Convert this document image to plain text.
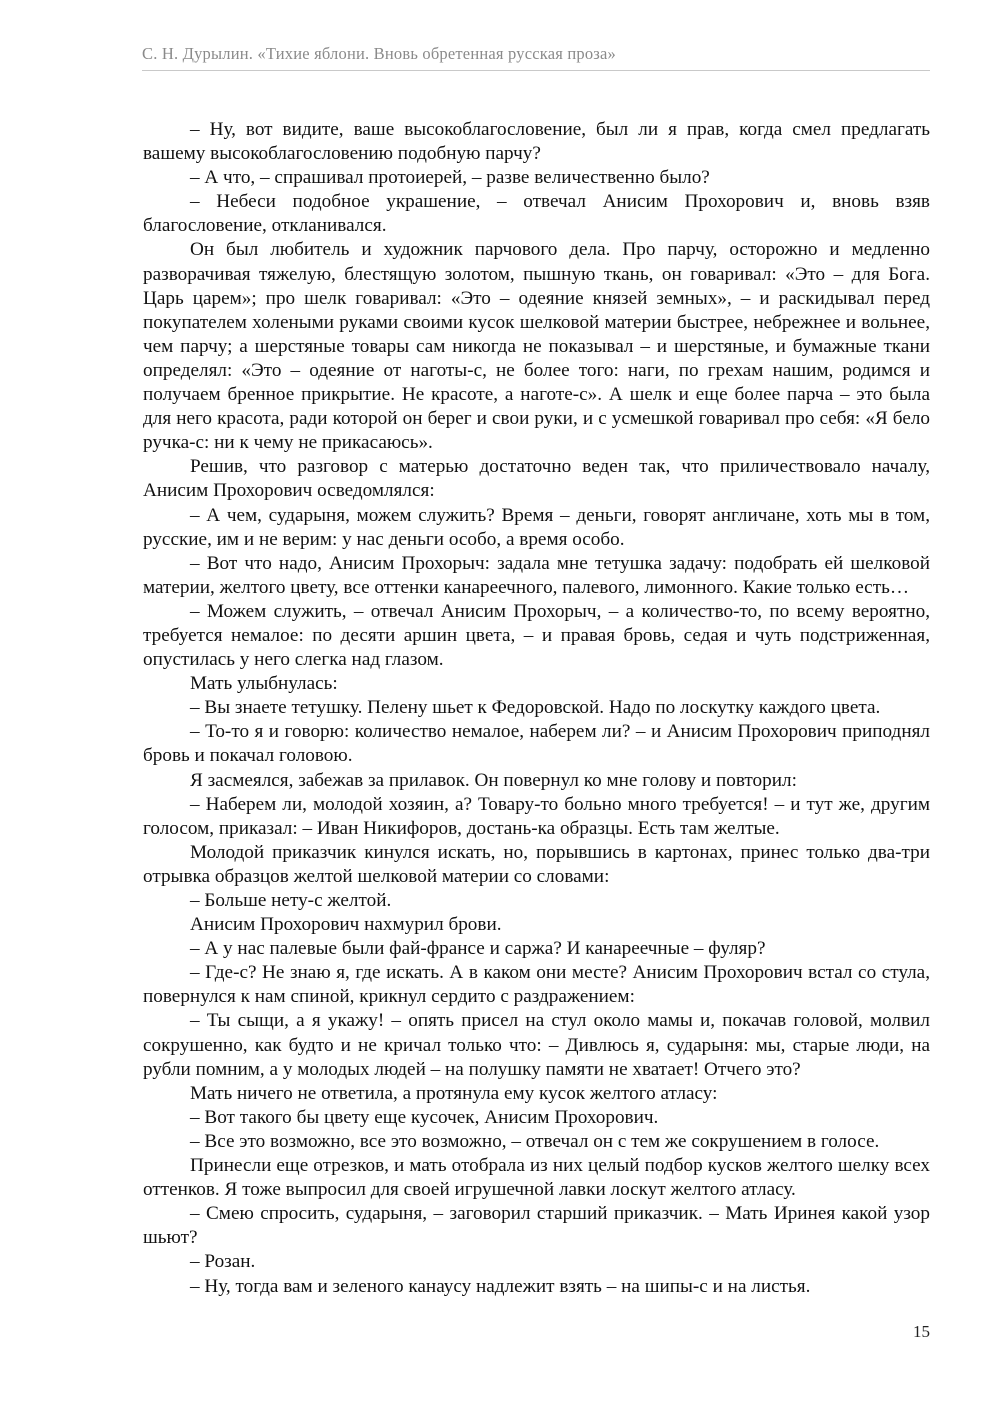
С. Н. Дурылин. «Тихие яблони. Вновь обретенная русская проза»

– Ну, вот видите, ваше высокоблагословение, был ли я прав, когда смел предлагать вашему высокоблагословению подобную парчу?

– А что, – спрашивал протоиерей, – разве величественно было?

– Небеси подобное украшение, – отвечал Анисим Прохорович и, вновь взяв благословение, откланивался.

Он был любитель и художник парчового дела. Про парчу, осторожно и медленно разворачивая тяжелую, блестящую золотом, пышную ткань, он говаривал: «Это – для Бога. Царь царем»; про шелк говаривал: «Это – одеяние князей земных», – и раскидывал перед покупателем холеными руками своими кусок шелковой материи быстрее, небрежнее и вольнее, чем парчу; а шерстяные товары сам никогда не показывал – и шерстяные, и бумажные ткани определял: «Это – одеяние от наготы-с, не более того: наги, по грехам нашим, родимся и получаем бренное прикрытие. Не красоте, а наготе-с». А шелк и еще более парча – это была для него красота, ради которой он берег и свои руки, и с усмешкой говаривал про себя: «Я бело ручка-с: ни к чему не прикасаюсь».

Решив, что разговор с матерью достаточно веден так, что приличествовало началу, Анисим Прохорович осведомлялся:

– А чем, сударыня, можем служить? Время – деньги, говорят англичане, хоть мы в том, русские, им и не верим: у нас деньги особо, а время особо.

– Вот что надо, Анисим Прохорыч: задала мне тетушка задачу: подобрать ей шелковой материи, желтого цвету, все оттенки канареечного, палевого, лимонного. Какие только есть…

– Можем служить, – отвечал Анисим Прохорыч, – а количество-то, по всему вероятно, требуется немалое: по десяти аршин цвета, – и правая бровь, седая и чуть подстриженная, опустилась у него слегка над глазом.

Мать улыбнулась:

– Вы знаете тетушку. Пелену шьет к Федоровской. Надо по лоскутку каждого цвета.

– То-то я и говорю: количество немалое, наберем ли? – и Анисим Прохорович приподнял бровь и покачал головою.

Я засмеялся, забежав за прилавок. Он повернул ко мне голову и повторил:

– Наберем ли, молодой хозяин, а? Товару-то больно много требуется! – и тут же, другим голосом, приказал: – Иван Никифоров, достань-ка образцы. Есть там желтые.

Молодой приказчик кинулся искать, но, порывшись в картонах, принес только два-три отрывка образцов желтой шелковой материи со словами:

– Больше нету-с желтой.

Анисим Прохорович нахмурил брови.

– А у нас палевые были фай-франсе и саржа? И канареечные – фуляр?

– Где-с? Не знаю я, где искать. А в каком они месте? Анисим Прохорович встал со стула, повернулся к нам спиной, крикнул сердито с раздражением:

– Ты сыщи, а я укажу! – опять присел на стул около мамы и, покачав головой, молвил сокрушенно, как будто и не кричал только что: – Дивлюсь я, сударыня: мы, старые люди, на рубли помним, а у молодых людей – на полушку памяти не хватает! Отчего это?

Мать ничего не ответила, а протянула ему кусок желтого атласу:

– Вот такого бы цвету еще кусочек, Анисим Прохорович.

– Все это возможно, все это возможно, – отвечал он с тем же сокрушением в голосе.

Принесли еще отрезков, и мать отобрала из них целый подбор кусков желтого шелку всех оттенков. Я тоже выпросил для своей игрушечной лавки лоскут желтого атласу.

– Смею спросить, сударыня, – заговорил старший приказчик. – Мать Иринея какой узор шьют?

– Розан.

– Ну, тогда вам и зеленого канаусу надлежит взять – на шипы-с и на листья.

15
